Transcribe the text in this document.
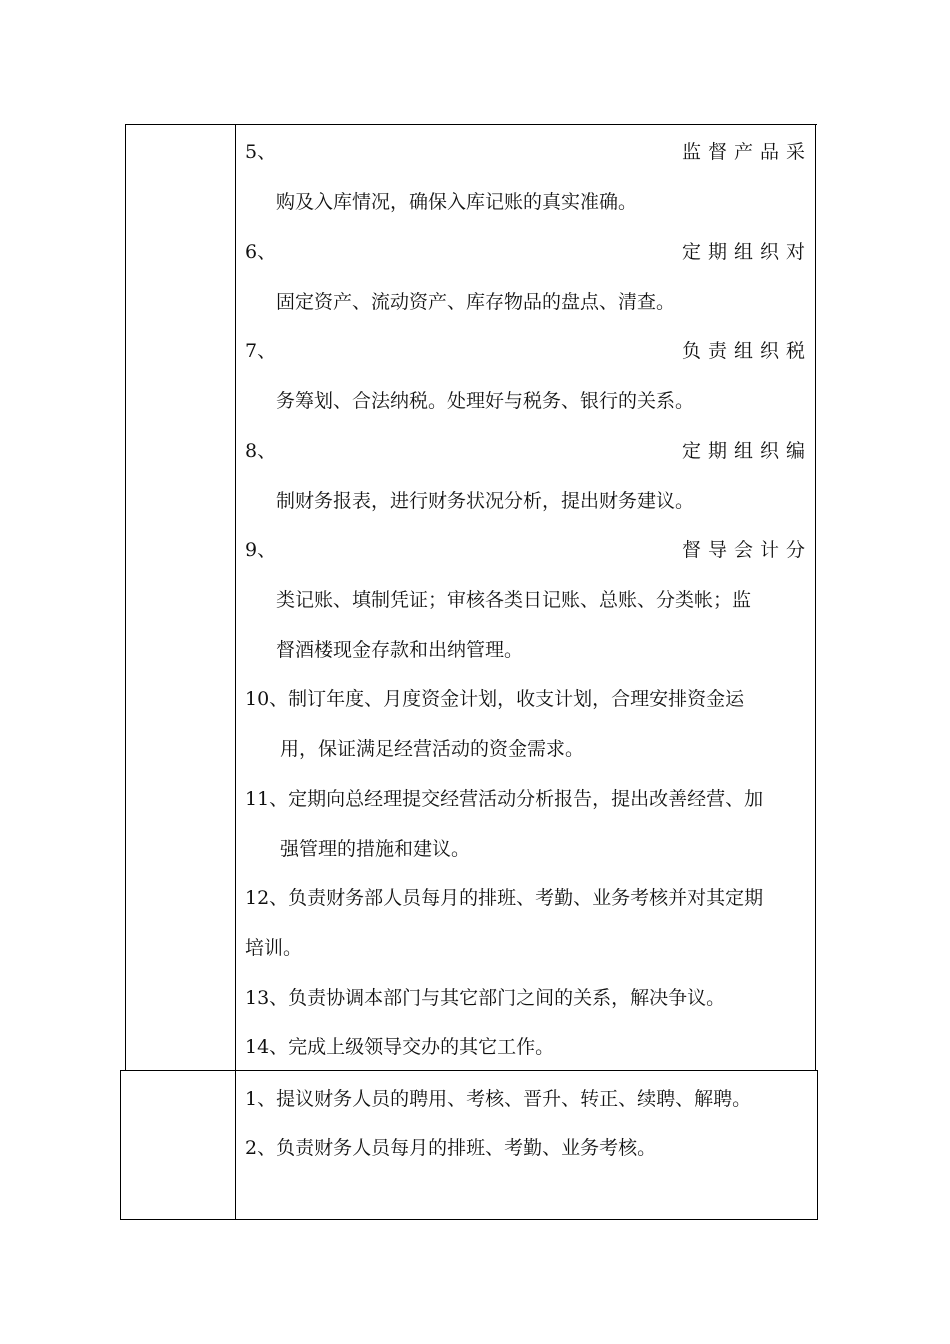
5、	监督产品采
购及入库情况，确保入库记账的真实准确。
6、	定期组织对
固定资产、流动资产、库存物品的盘点、清查。
7、	负责组织税
务筹划、合法纳税。处理好与税务、银行的关系。
8、	定期组织编
制财务报表，进行财务状况分析，提出财务建议。
9、	督导会计分
类记账、填制凭证；审核各类日记账、总账、分类帐；监
督酒楼现金存款和出纳管理。
10、制订年度、月度资金计划，收支计划，合理安排资金运
用，保证满足经营活动的资金需求。
11、定期向总经理提交经营活动分析报告，提出改善经营、加
强管理的措施和建议。
12、负责财务部人员每月的排班、考勤、业务考核并对其定期
培训。
13、负责协调本部门与其它部门之间的关系，解决争议。
14、完成上级领导交办的其它工作。
1、提议财务人员的聘用、考核、晋升、转正、续聘、解聘。
2、负责财务人员每月的排班、考勤、业务考核。
